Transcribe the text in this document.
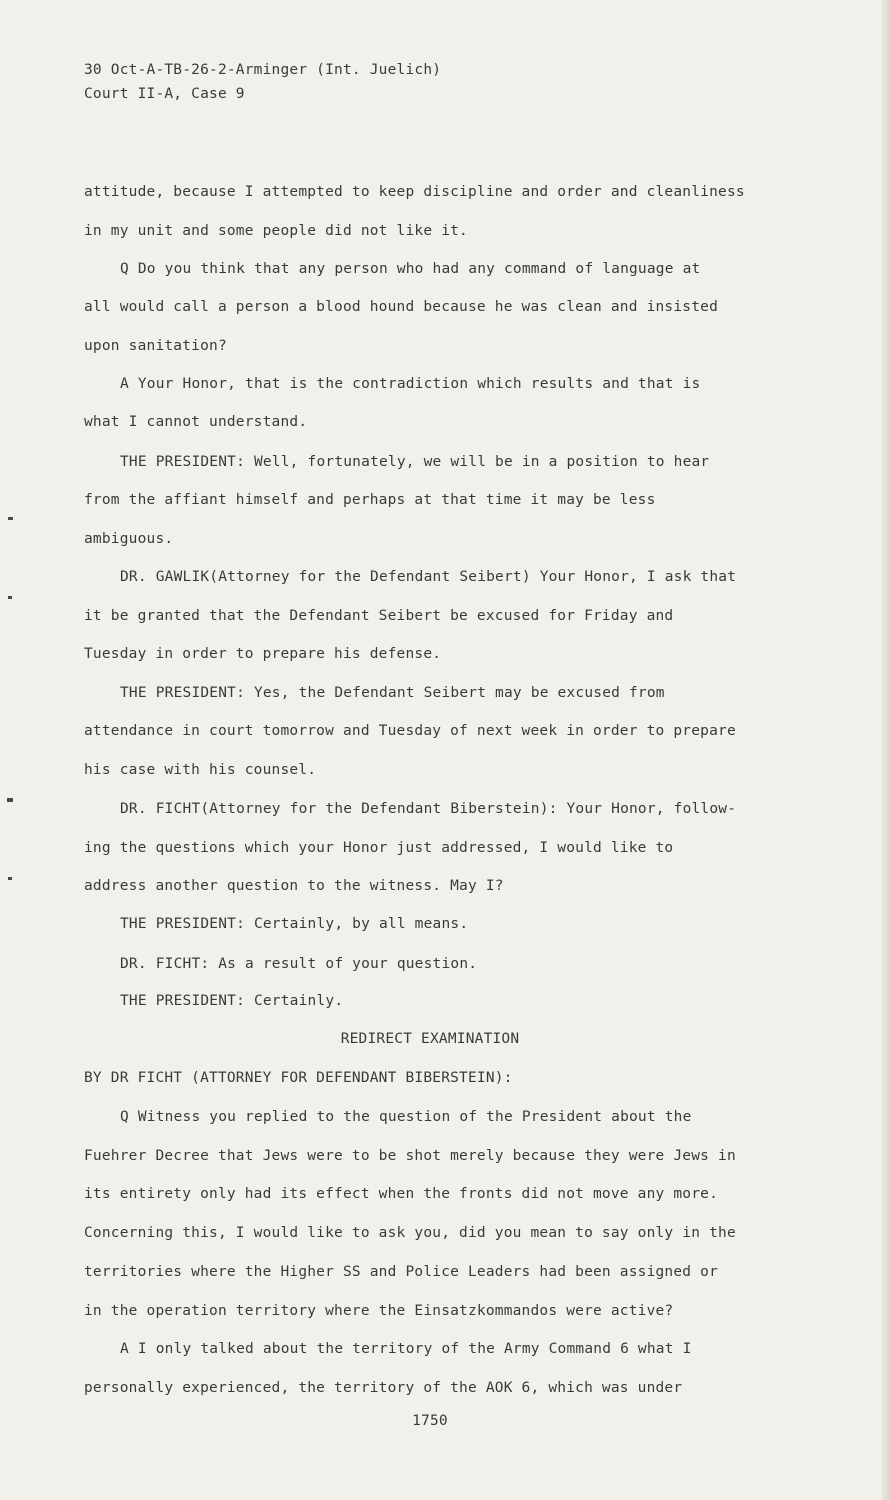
30 Oct-A-TB-26-2-Arminger (Int. Juelich)
Court II-A, Case 9
attitude, because I attempted to keep discipline and order and cleanliness
in my unit and some people did not like it.
Q Do you think that any person who had any command of language at
all would call a person a blood hound because he was clean and insisted
upon sanitation?
A Your Honor, that is the contradiction which results and that is
what I cannot understand.
THE PRESIDENT: Well, fortunately, we will be in a position to hear
from the affiant himself and perhaps at that time it may be less
ambiguous.
DR. GAWLIK(Attorney for the Defendant Seibert) Your Honor, I ask that
it be granted that the Defendant Seibert be excused for Friday and
Tuesday in order to prepare his defense.
THE PRESIDENT: Yes, the Defendant Seibert may be excused from
attendance in court tomorrow and Tuesday of next week in order to prepare
his case with his counsel.
DR. FICHT(Attorney for the Defendant Biberstein): Your Honor, follow-
ing the questions which your Honor just addressed, I would like to
address another question to the witness. May I?
THE PRESIDENT: Certainly, by all means.
DR. FICHT: As a result of your question.
THE PRESIDENT: Certainly.
REDIRECT EXAMINATION
BY DR FICHT (ATTORNEY FOR DEFENDANT BIBERSTEIN):
Q Witness you replied to the question of the President about the
Fuehrer Decree that Jews were to be shot merely because they were Jews in
its entirety only had its effect when the fronts did not move any more.
Concerning this, I would like to ask you, did you mean to say only in the
territories where the Higher SS and Police Leaders had been assigned or
in the operation territory where the Einsatzkommandos were active?
A I only talked about the territory of the Army Command 6 what I
personally experienced, the territory of the AOK 6, which was under
1750
